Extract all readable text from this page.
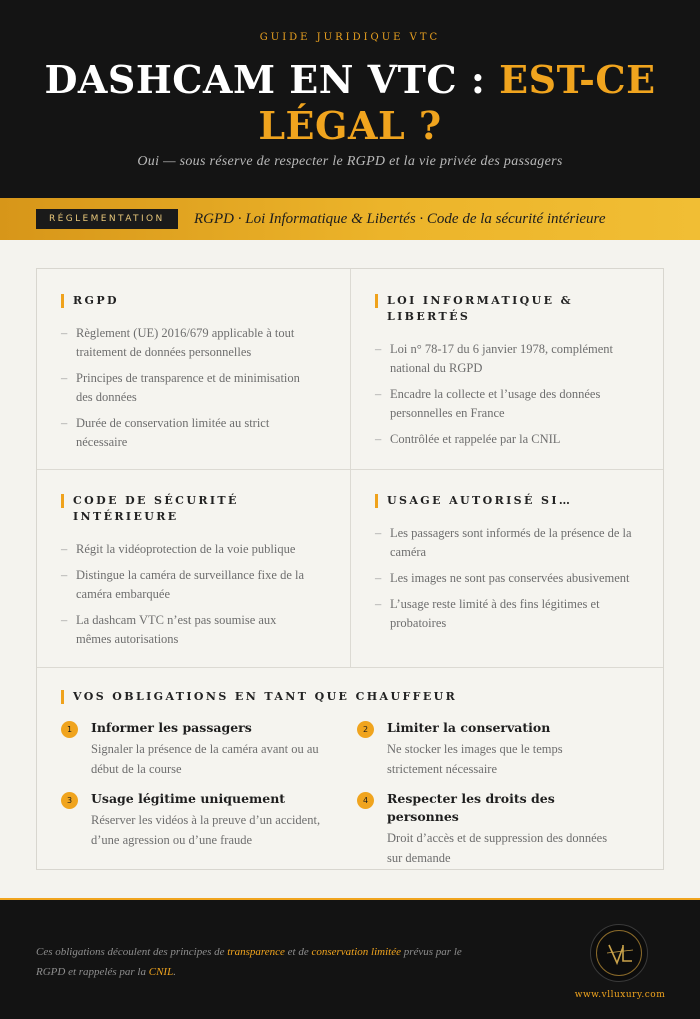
GUIDE JURIDIQUE VTC
DASHCAM EN VTC : EST-CE LÉGAL ?
Oui — sous réserve de respecter le RGPD et la vie privée des passagers
RÉGLEMENTATION	RGPD · Loi Informatique & Libertés · Code de la sécurité intérieure
RGPD
– Règlement (UE) 2016/679 applicable à tout traitement de données personnelles
– Principes de transparence et de minimisation des données
– Durée de conservation limitée au strict nécessaire
LOI INFORMATIQUE & LIBERTÉS
– Loi n° 78-17 du 6 janvier 1978, complément national du RGPD
– Encadre la collecte et l’usage des données personnelles en France
– Contrôlée et rappelée par la CNIL
CODE DE SÉCURITÉ INTÉRIEURE
– Régit la vidéoprotection de la voie publique
– Distingue la caméra de surveillance fixe de la caméra embarquée
– La dashcam VTC n’est pas soumise aux mêmes autorisations
USAGE AUTORISÉ SI…
– Les passagers sont informés de la présence de la caméra
– Les images ne sont pas conservées abusivement
– L’usage reste limité à des fins légitimes et probatoires
VOS OBLIGATIONS EN TANT QUE CHAUFFEUR
1	Informer les passagers
Signaler la présence de la caméra avant ou au début de la course
2	Limiter la conservation
Ne stocker les images que le temps strictement nécessaire
3	Usage légitime uniquement
Réserver les vidéos à la preuve d’un accident, d’une agression ou d’une fraude
4	Respecter les droits des personnes
Droit d’accès et de suppression des données sur demande
Ces obligations découlent des principes de transparence et de conservation limitée prévus par le RGPD et rappelés par la CNIL.
www.vlluxury.com
